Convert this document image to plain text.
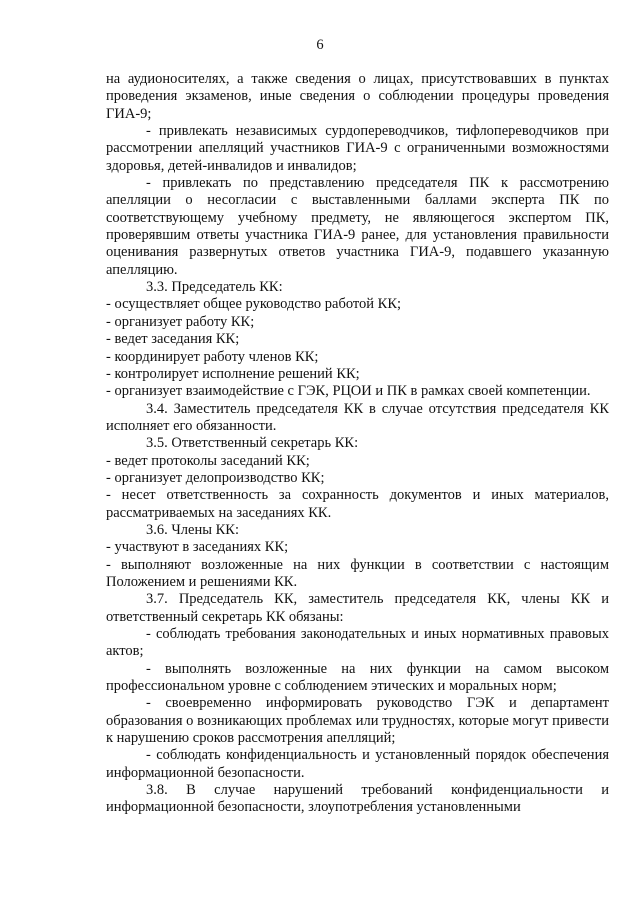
6

на аудионосителях, а также сведения о лицах, присутствовавших в пунктах проведения экзаменов, иные сведения о соблюдении процедуры проведения ГИА-9;

- привлекать независимых сурдопереводчиков, тифлопереводчиков при рассмотрении апелляций участников ГИА-9 с ограниченными возможностями здоровья, детей-инвалидов и инвалидов;

- привлекать по представлению председателя ПК к рассмотрению апелляции о несогласии с выставленными баллами эксперта ПК по соответствующему учебному предмету, не являющегося экспертом ПК, проверявшим ответы участника ГИА-9 ранее, для установления правильности оценивания развернутых ответов участника ГИА-9, подавшего указанную апелляцию.

3.3. Председатель КК:

- осуществляет общее руководство работой КК;

- организует работу КК;

- ведет заседания КК;

- координирует работу членов КК;

- контролирует исполнение решений КК;

- организует взаимодействие с ГЭК, РЦОИ и ПК в рамках своей компетенции.

3.4. Заместитель председателя КК в случае отсутствия председателя КК исполняет его обязанности.

3.5. Ответственный секретарь КК:

- ведет протоколы заседаний КК;

- организует делопроизводство КК;

- несет ответственность за сохранность документов и иных материалов, рассматриваемых на заседаниях КК.

3.6. Члены КК:

- участвуют в заседаниях КК;

- выполняют возложенные на них функции в соответствии с настоящим Положением и решениями КК.

3.7. Председатель КК, заместитель председателя КК, члены КК и ответственный секретарь КК обязаны:

- соблюдать требования законодательных и иных нормативных правовых актов;

- выполнять возложенные на них функции на самом высоком профессиональном уровне с соблюдением этических и моральных норм;

- своевременно информировать руководство ГЭК и департамент образования о возникающих проблемах или трудностях, которые могут привести к нарушению сроков рассмотрения апелляций;

- соблюдать конфиденциальность и установленный порядок обеспечения информационной безопасности.

3.8. В случае нарушений требований конфиденциальности и информационной безопасности, злоупотребления установленными
